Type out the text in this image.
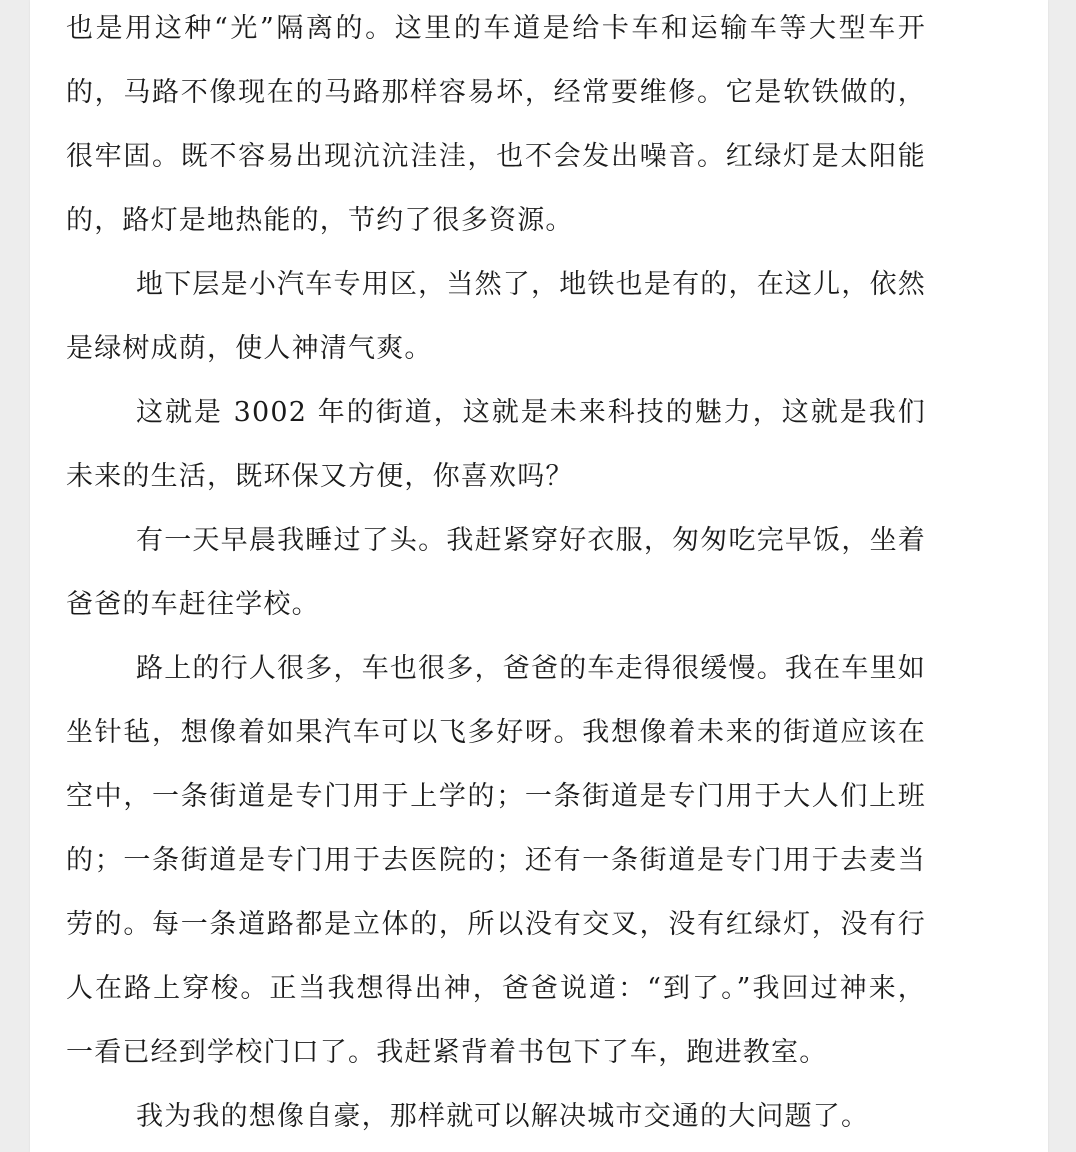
也是用这种“光”隔离的。这里的车道是给卡车和运输车等大型车开的，马路不像现在的马路那样容易坏，经常要维修。它是软铁做的，很牢固。既不容易出现沆沆洼洼，也不会发出噪音。红绿灯是太阳能的，路灯是地热能的，节约了很多资源。

地下层是小汽车专用区，当然了，地铁也是有的，在这儿，依然是绿树成荫，使人神清气爽。

这就是 3002 年的街道，这就是未来科技的魅力，这就是我们未来的生活，既环保又方便，你喜欢吗？

有一天早晨我睡过了头。我赶紧穿好衣服，匆匆吃完早饭，坐着爸爸的车赶往学校。

路上的行人很多，车也很多，爸爸的车走得很缓慢。我在车里如坐针毡，想像着如果汽车可以飞多好呀。我想像着未来的街道应该在空中，一条街道是专门用于上学的；一条街道是专门用于大人们上班的；一条街道是专门用于去医院的；还有一条街道是专门用于去麦当劳的。每一条道路都是立体的，所以没有交叉，没有红绿灯，没有行人在路上穿梭。正当我想得出神，爸爸说道：“到了。”我回过神来，一看已经到学校门口了。我赶紧背着书包下了车，跑进教室。

我为我的想像自豪，那样就可以解决城市交通的大问题了。
